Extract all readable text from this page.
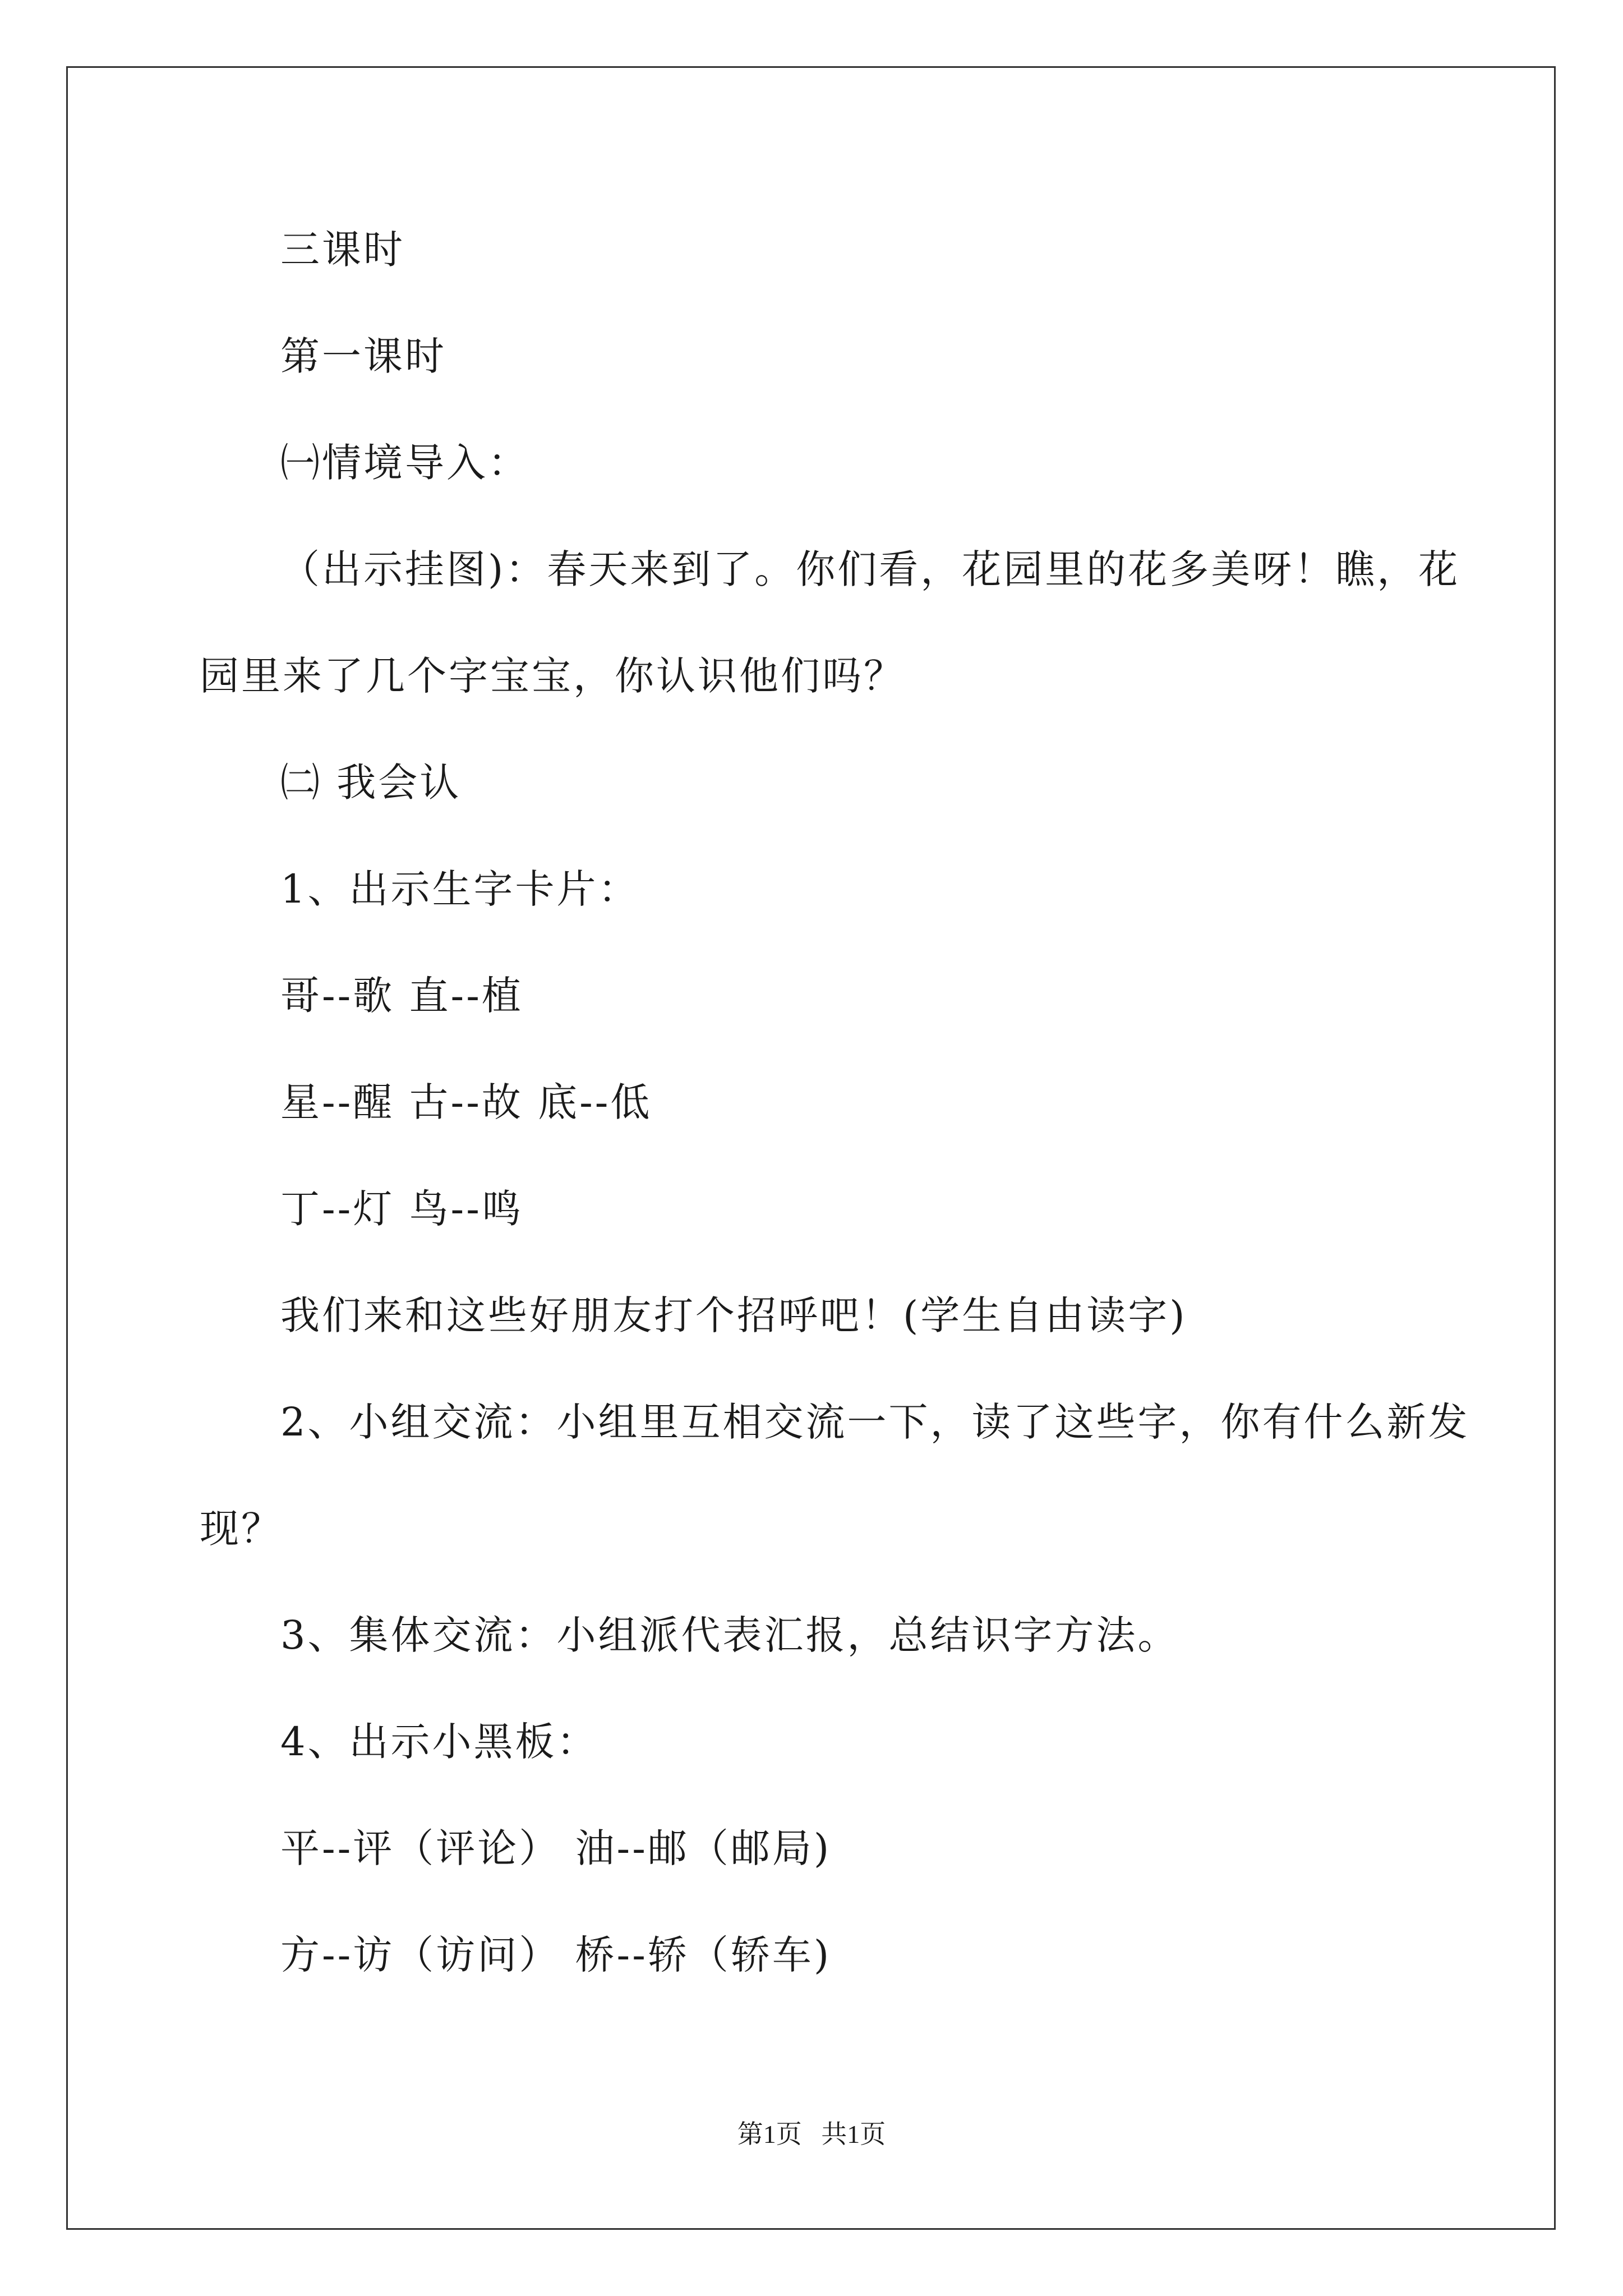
三课时
第一课时
㈠情境导入：
（出示挂图)：春天来到了。你们看，花园里的花多美呀！瞧，花
园里来了几个字宝宝，你认识他们吗？
㈡ 我会认
1、出示生字卡片：
哥--歌 直--植
星--醒 古--故 底--低
丁--灯 鸟--鸣
我们来和这些好朋友打个招呼吧！(学生自由读字)
2、小组交流：小组里互相交流一下，读了这些字，你有什么新发
现？
3、集体交流：小组派代表汇报，总结识字方法。
4、出示小黑板：
平--评（评论） 油--邮（邮局)
方--访（访问） 桥--轿（轿车)
第1页   共1页
